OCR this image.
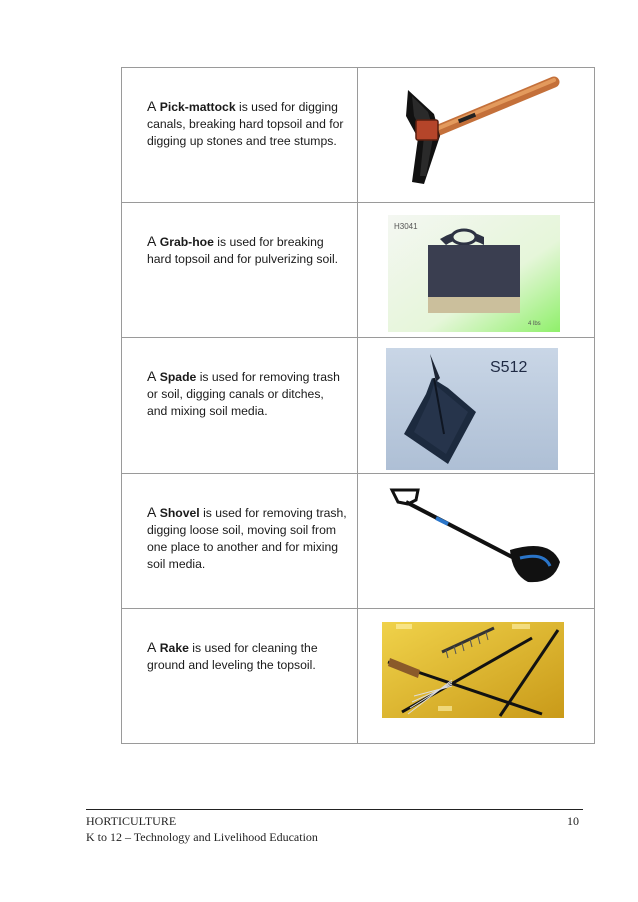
A Pick-mattock is used for digging canals, breaking hard topsoil and for digging up stones and tree stumps.

A Grab-hoe is used for breaking hard topsoil and for pulverizing soil.	H3041
4 lbs

A Spade is used for removing trash or soil, digging canals or ditches, and mixing soil media.	S512

A Shovel is used for removing trash, digging loose soil, moving soil from one place to another and for mixing soil media.

A Rake is used for cleaning the ground and leveling the topsoil.

HORTICULTURE	10
K to 12 – Technology and Livelihood Education
